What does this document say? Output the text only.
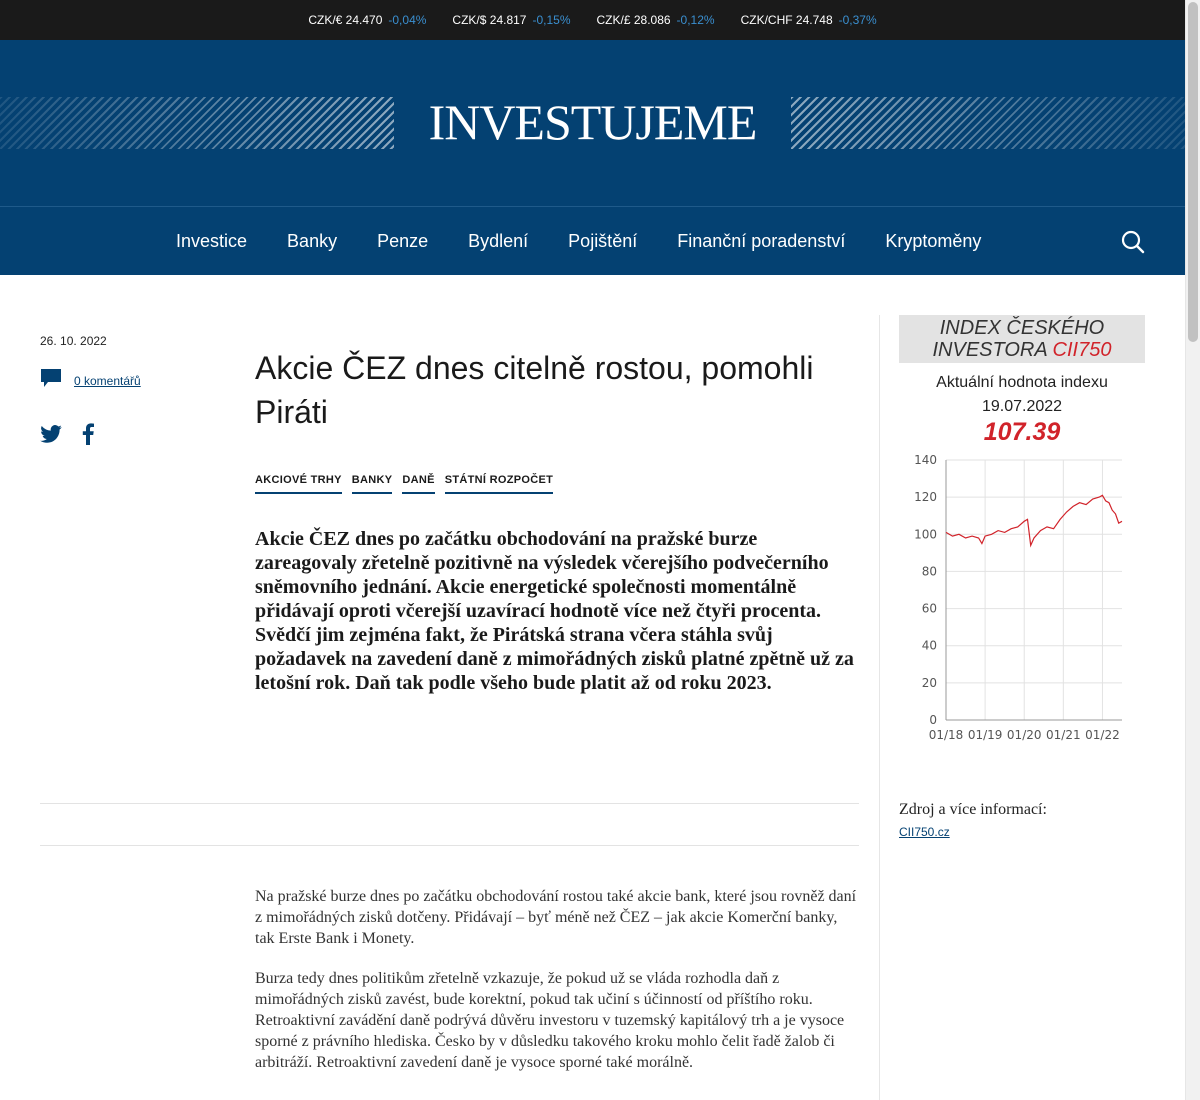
CZK/€ 24.470 -0,04% CZK/$ 24.817 -0,15% CZK/£ 28.086 -0,12% CZK/CHF 24.748 -0,37%
INVESTUJEME
Investice	Banky	Penze	Bydlení	Pojištění	Finanční poradenství	Kryptoměny
26. 10. 2022
0 komentářů	Akcie ČEZ dnes citelně rostou, pomohli Piráti
AKCIOVÉ TRHY BANKY DANĚ STÁTNÍ ROZPOČET

Akcie ČEZ dnes po začátku obchodování na pražské burze zareagovaly zřetelně pozitivně na výsledek včerejšího podvečerního sněmovního jednání. Akcie energetické společnosti momentálně přidávají oproti včerejší uzavírací hodnotě více než čtyři procenta. Svědčí jim zejména fakt, že Pirátská strana včera stáhla svůj požadavek na zavedení daně z mimořádných zisků platné zpětně už za letošní rok. Daň tak podle všeho bude platit až od roku 2023.

Na pražské burze dnes po začátku obchodování rostou také akcie bank, které jsou rovněž daní z mimořádných zisků dotčeny. Přidávají – byť méně než ČEZ – jak akcie Komerční banky, tak Erste Bank i Monety.

Burza tedy dnes politikům zřetelně vzkazuje, že pokud už se vláda rozhodla daň z mimořádných zisků zavést, bude korektní, pokud tak učiní s účinností od příštího roku. Retroaktivní zavádění daně podrývá důvěru investoru v tuzemský kapitálový trh a je vysoce sporné z právního hlediska. Česko by v důsledku takového kroku mohlo čelit řadě žalob či arbitráží. Retroaktivní zavedení daně je vysoce sporné také morálně.

INDEX ČESKÉHO
INVESTORA CII750
Aktuální hodnota indexu
19.07.2022
107.39
0
20
40
60
80
100
120
140
01/18 01/19 01/20 01/21 01/22
Zdroj a více informací:
CII750.cz
